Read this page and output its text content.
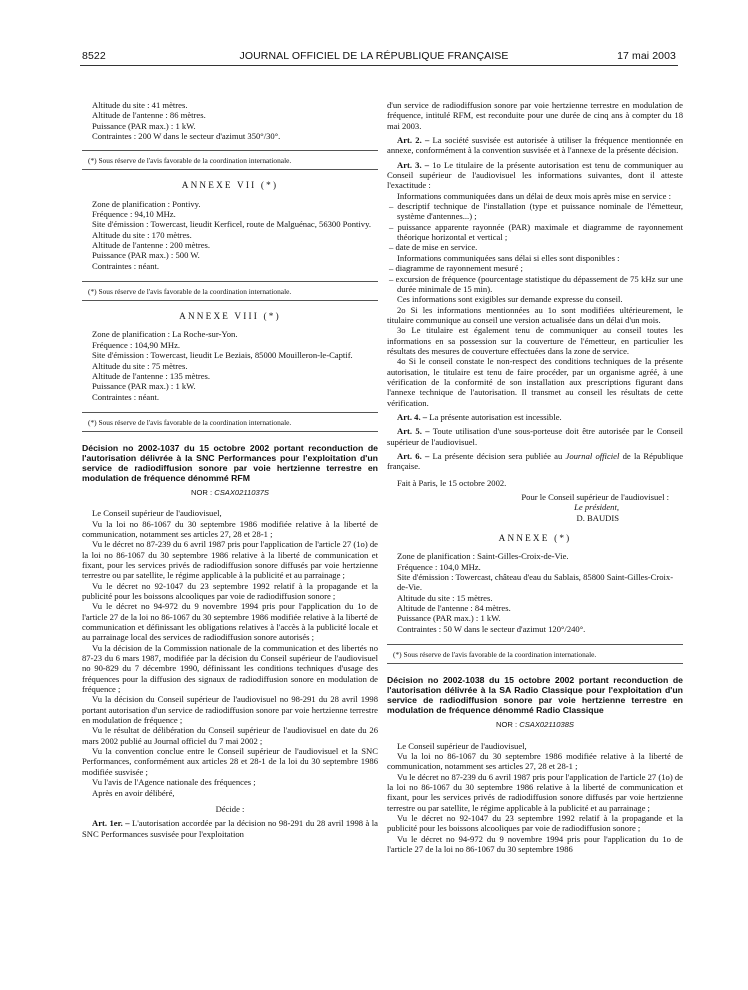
8522	JOURNAL OFFICIEL DE LA RÉPUBLIQUE FRANÇAISE	17 mai 2003

Altitude du site : 41 mètres.

Altitude de l'antenne : 86 mètres.

Puissance (PAR max.) : 1 kW.

Contraintes : 200 W dans le secteur d'azimut 350°/30°.

(*) Sous réserve de l'avis favorable de la coordination internationale.

ANNEXE VII (*)

Zone de planification : Pontivy.

Fréquence : 94,10 MHz.

Site d'émission : Towercast, lieudit Kerficel, route de Malguénac, 56300 Pontivy.

Altitude du site : 170 mètres.

Altitude de l'antenne : 200 mètres.

Puissance (PAR max.) : 500 W.

Contraintes : néant.

(*) Sous réserve de l'avis favorable de la coordination internationale.

ANNEXE VIII (*)

Zone de planification : La Roche-sur-Yon.

Fréquence : 104,90 MHz.

Site d'émission : Towercast, lieudit Le Beziais, 85000 Mouilleron-le-Captif.

Altitude du site : 75 mètres.

Altitude de l'antenne : 135 mètres.

Puissance (PAR max.) : 1 kW.

Contraintes : néant.

(*) Sous réserve de l'avis favorable de la coordination internationale.

Décision no 2002-1037 du 15 octobre 2002 portant reconduction de l'autorisation délivrée à la SNC Performances pour l'exploitation d'un service de radiodiffusion sonore par voie hertzienne terrestre en modulation de fréquence dénommé RFM

NOR : CSAX0211037S

Le Conseil supérieur de l'audiovisuel,

Vu la loi no 86-1067 du 30 septembre 1986 modifiée relative à la liberté de communication, notamment ses articles 27, 28 et 28-1 ;

Vu le décret no 87-239 du 6 avril 1987 pris pour l'application de l'article 27 (1o) de la loi no 86-1067 du 30 septembre 1986 relative à la liberté de communication et fixant, pour les services privés de radiodiffusion sonore diffusés par voie hertzienne terrestre ou par satellite, le régime applicable à la publicité et au parrainage ;

Vu le décret no 92-1047 du 23 septembre 1992 relatif à la propagande et la publicité pour les boissons alcooliques par voie de radiodiffusion sonore ;

Vu le décret no 94-972 du 9 novembre 1994 pris pour l'application du 1o de l'article 27 de la loi no 86-1067 du 30 septembre 1986 modifiée relative à la liberté de communication et définissant les obligations relatives à l'accès à la publicité locale et au parrainage local des services de radiodiffusion sonore autorisés ;

Vu la décision de la Commission nationale de la communication et des libertés no 87-23 du 6 mars 1987, modifiée par la décision du Conseil supérieur de l'audiovisuel no 90-829 du 7 décembre 1990, définissant les conditions techniques d'usage des fréquences pour la diffusion des signaux de radiodiffusion sonore en modulation de fréquence ;

Vu la décision du Conseil supérieur de l'audiovisuel no 98-291 du 28 avril 1998 portant autorisation d'un service de radiodiffusion sonore par voie hertzienne terrestre en modulation de fréquence ;

Vu le résultat de délibération du Conseil supérieur de l'audiovisuel en date du 26 mars 2002 publié au Journal officiel du 7 mai 2002 ;

Vu la convention conclue entre le Conseil supérieur de l'audiovisuel et la SNC Performances, conformément aux articles 28 et 28-1 de la loi du 30 septembre 1986 modifiée susvisée ;

Vu l'avis de l'Agence nationale des fréquences ;

Après en avoir délibéré,

Décide :

Art. 1er. – L'autorisation accordée par la décision no 98-291 du 28 avril 1998 à la SNC Performances susvisée pour l'exploitation

d'un service de radiodiffusion sonore par voie hertzienne terrestre en modulation de fréquence, intitulé RFM, est reconduite pour une durée de cinq ans à compter du 18 mai 2003.

Art. 2. – La société susvisée est autorisée à utiliser la fréquence mentionnée en annexe, conformément à la convention susvisée et à l'annexe de la présente décision.

Art. 3. – 1o Le titulaire de la présente autorisation est tenu de communiquer au Conseil supérieur de l'audiovisuel les informations suivantes, dont il atteste l'exactitude :

Informations communiquées dans un délai de deux mois après mise en service :

– descriptif technique de l'installation (type et puissance nominale de l'émetteur, système d'antennes...) ;

– puissance apparente rayonnée (PAR) maximale et diagramme de rayonnement théorique horizontal et vertical ;

– date de mise en service.

Informations communiquées sans délai si elles sont disponibles :

– diagramme de rayonnement mesuré ;

– excursion de fréquence (pourcentage statistique du dépassement de 75 kHz sur une durée minimale de 15 min).

Ces informations sont exigibles sur demande expresse du conseil.

2o Si les informations mentionnées au 1o sont modifiées ultérieurement, le titulaire communique au conseil une version actualisée dans un délai d'un mois.

3o Le titulaire est également tenu de communiquer au conseil toutes les informations en sa possession sur la couverture de l'émetteur, en particulier les résultats des mesures de couverture effectuées dans la zone de service.

4o Si le conseil constate le non-respect des conditions techniques de la présente autorisation, le titulaire est tenu de faire procéder, par un organisme agréé, à une vérification de la conformité de son installation aux prescriptions figurant dans l'annexe technique de l'autorisation. Il transmet au conseil les résultats de cette vérification.

Art. 4. – La présente autorisation est incessible.

Art. 5. – Toute utilisation d'une sous-porteuse doit être autorisée par le Conseil supérieur de l'audiovisuel.

Art. 6. – La présente décision sera publiée au Journal officiel de la République française.

Fait à Paris, le 15 octobre 2002.

Pour le Conseil supérieur de l'audiovisuel :

Le président,

D. BAUDIS

ANNEXE (*)

Zone de planification : Saint-Gilles-Croix-de-Vie.

Fréquence : 104,0 MHz.

Site d'émission : Towercast, château d'eau du Sablais, 85800 Saint-Gilles-Croix-de-Vie.

Altitude du site : 15 mètres.

Altitude de l'antenne : 84 mètres.

Puissance (PAR max.) : 1 kW.

Contraintes : 50 W dans le secteur d'azimut 120°/240°.

(*) Sous réserve de l'avis favorable de la coordination internationale.

Décision no 2002-1038 du 15 octobre 2002 portant reconduction de l'autorisation délivrée à la SA Radio Classique pour l'exploitation d'un service de radiodiffusion sonore par voie hertzienne terrestre en modulation de fréquence dénommé Radio Classique

NOR : CSAX0211038S

Le Conseil supérieur de l'audiovisuel,

Vu la loi no 86-1067 du 30 septembre 1986 modifiée relative à la liberté de communication, notamment ses articles 27, 28 et 28-1 ;

Vu le décret no 87-239 du 6 avril 1987 pris pour l'application de l'article 27 (1o) de la loi no 86-1067 du 30 septembre 1986 relative à la liberté de communication et fixant, pour les services privés de radiodiffusion sonore diffusés par voie hertzienne terrestre ou par satellite, le régime applicable à la publicité et au parrainage ;

Vu le décret no 92-1047 du 23 septembre 1992 relatif à la propagande et la publicité pour les boissons alcooliques par voie de radiodiffusion sonore ;

Vu le décret no 94-972 du 9 novembre 1994 pris pour l'application du 1o de l'article 27 de la loi no 86-1067 du 30 septembre 1986
